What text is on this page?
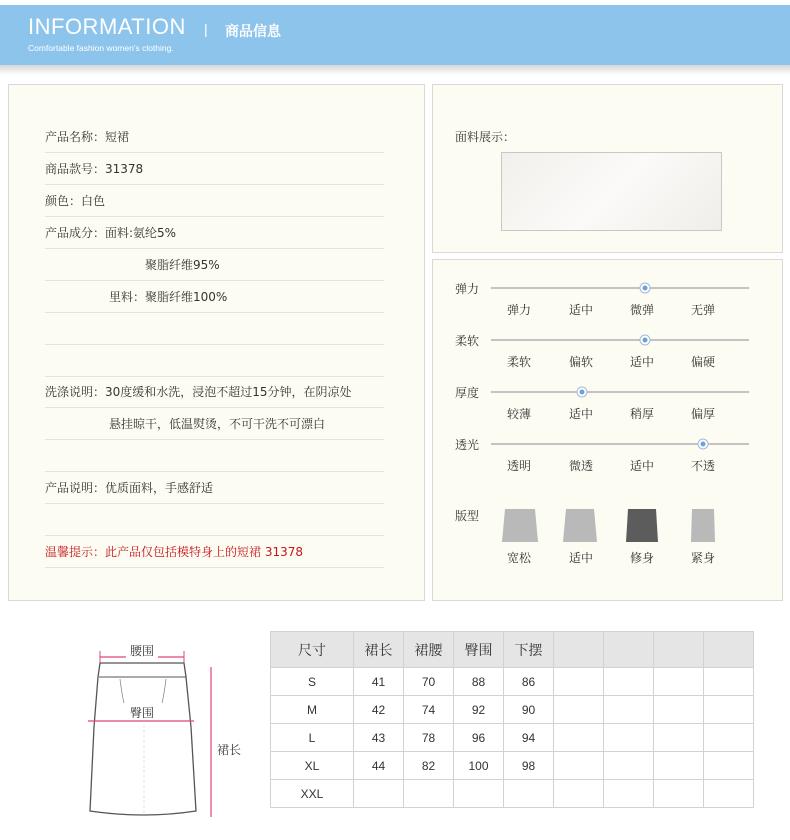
INFORMATION | 商品信息
Comfortable fashion women's clothing.
产品名称：短裙
商品款号：31378
颜色：白色
产品成分：面料:氨纶5%
聚脂纤维95%
里料：聚脂纤维100%
洗涤说明：30度缓和水洗，浸泡不超过15分钟，在阴凉处
悬挂晾干，低温熨烫，不可干洗不可漂白
产品说明：优质面料，手感舒适
温馨提示：此产品仅包括模特身上的短裙 31378
面料展示：
弹力
弹力	适中	微弹	无弹
柔软
柔软	偏软	适中	偏硬
厚度
较薄	适中	稍厚	偏厚
透光
透明	微透	适中	不透
版型
宽松	适中	修身	紧身
腰围
臀围
裙长
尺寸	裙长	裙腰	臀围	下摆				
S	41	70	88	86				
M	42	74	92	90				
L	43	78	96	94				
XL	44	82	100	98				
XXL								
